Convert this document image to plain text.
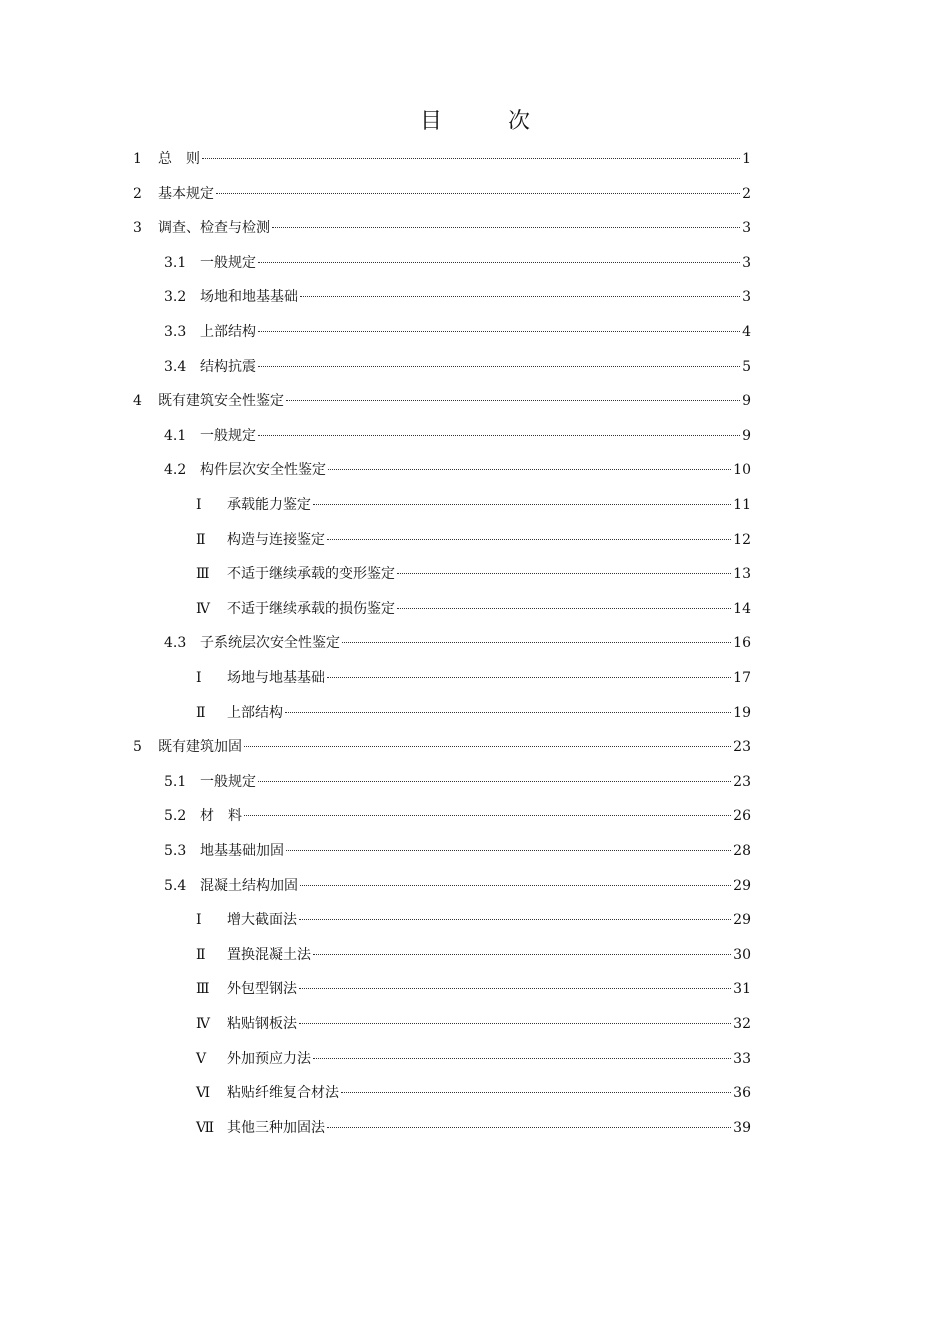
目　次
1	总　则	1
2	基本规定	2
3	调查、检查与检测	3
3.1 一般规定	3
3.2 场地和地基基础	3
3.3 上部结构	4
3.4 结构抗震	5
4	既有建筑安全性鉴定	9
4.1 一般规定	9
4.2 构件层次安全性鉴定	10
Ⅰ	承载能力鉴定	11
Ⅱ	构造与连接鉴定	12
Ⅲ	不适于继续承载的变形鉴定	13
Ⅳ	不适于继续承载的损伤鉴定	14
4.3 子系统层次安全性鉴定	16
Ⅰ	场地与地基基础	17
Ⅱ	上部结构	19
5	既有建筑加固	23
5.1 一般规定	23
5.2 材　料	26
5.3 地基基础加固	28
5.4 混凝土结构加固	29
Ⅰ	增大截面法	29
Ⅱ	置换混凝土法	30
Ⅲ	外包型钢法	31
Ⅳ	粘贴钢板法	32
Ⅴ	外加预应力法	33
Ⅵ	粘贴纤维复合材法	36
Ⅶ 其他三种加固法	39
